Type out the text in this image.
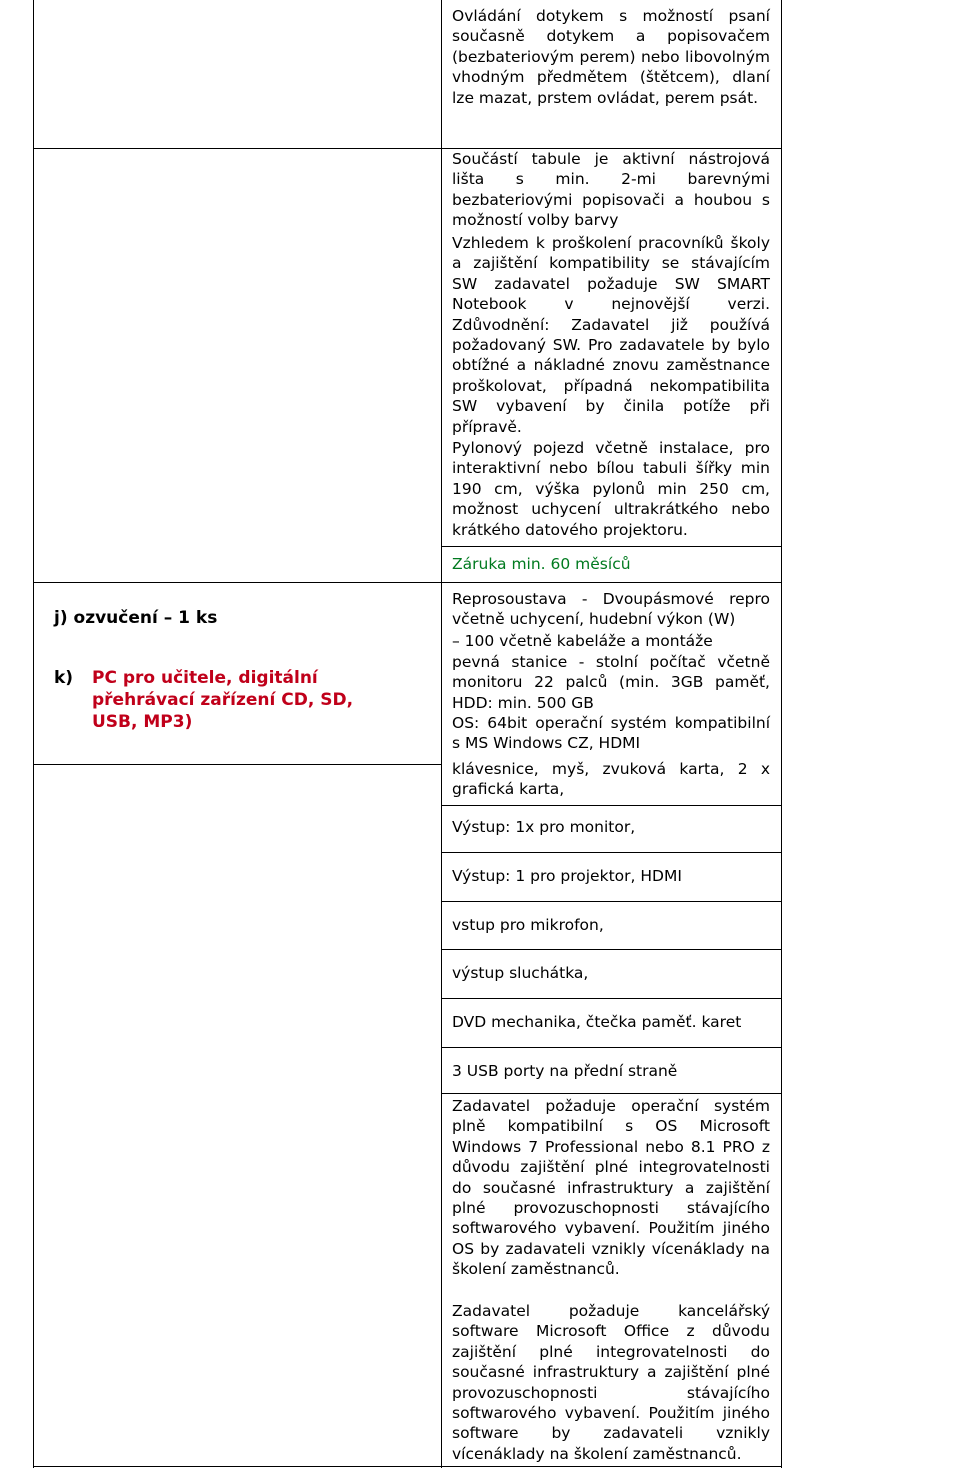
Ovládání dotykem s možností psaní současně dotykem a popisovačem (bezbateriovým perem) nebo libovolným vhodným předmětem (štětcem), dlaní lze mazat, prstem ovládat, perem psát.
Součástí tabule je aktivní nástrojová lišta s min. 2-mi barevnými bezbateriovými popisovači a houbou s možností volby barvy
Vzhledem k proškolení pracovníků školy a zajištění kompatibility se stávajícím SW zadavatel požaduje SW SMART Notebook v nejnovější verzi. Zdůvodnění: Zadavatel již používá požadovaný SW. Pro zadavatele by bylo obtížné a nákladné znovu zaměstnance proškolovat, případná nekompatibilita SW vybavení by činila potíže při přípravě.
Pylonový pojezd včetně instalace, pro interaktivní nebo bílou tabuli šířky min 190 cm, výška pylonů min 250 cm, možnost uchycení ultrakrátkého nebo krátkého datového projektoru.
Záruka min. 60 měsíců
j) ozvučení – 1 ks
k) PC pro učitele, digitální přehrávací zařízení CD, SD, USB, MP3)
Reprosoustava - Dvoupásmové repro včetně uchycení, hudební výkon (W)
– 100 včetně kabeláže a montáže
pevná stanice - stolní počítač včetně monitoru 22 palců (min. 3GB paměť, HDD: min. 500 GB
OS: 64bit operační systém kompatibilní s MS Windows CZ, HDMI
klávesnice, myš, zvuková karta, 2 x grafická karta,
Výstup: 1x pro monitor,
Výstup: 1 pro projektor, HDMI
vstup pro mikrofon,
výstup sluchátka,
DVD mechanika, čtečka paměť. karet
3 USB porty na přední straně
Zadavatel požaduje operační systém plně kompatibilní s OS Microsoft Windows 7 Professional nebo 8.1 PRO z důvodu zajištění plné integrovatelnosti do současné infrastruktury a zajištění plné provozuschopnosti stávajícího softwarového vybavení. Použitím jiného OS by zadavateli vznikly vícenáklady na školení zaměstnanců.
Zadavatel požaduje kancelářský software Microsoft Office z důvodu zajištění plné integrovatelnosti do současné infrastruktury a zajištění plné provozuschopnosti stávajícího softwarového vybavení. Použitím jiného software by zadavateli vznikly vícenáklady na školení zaměstnanců.
